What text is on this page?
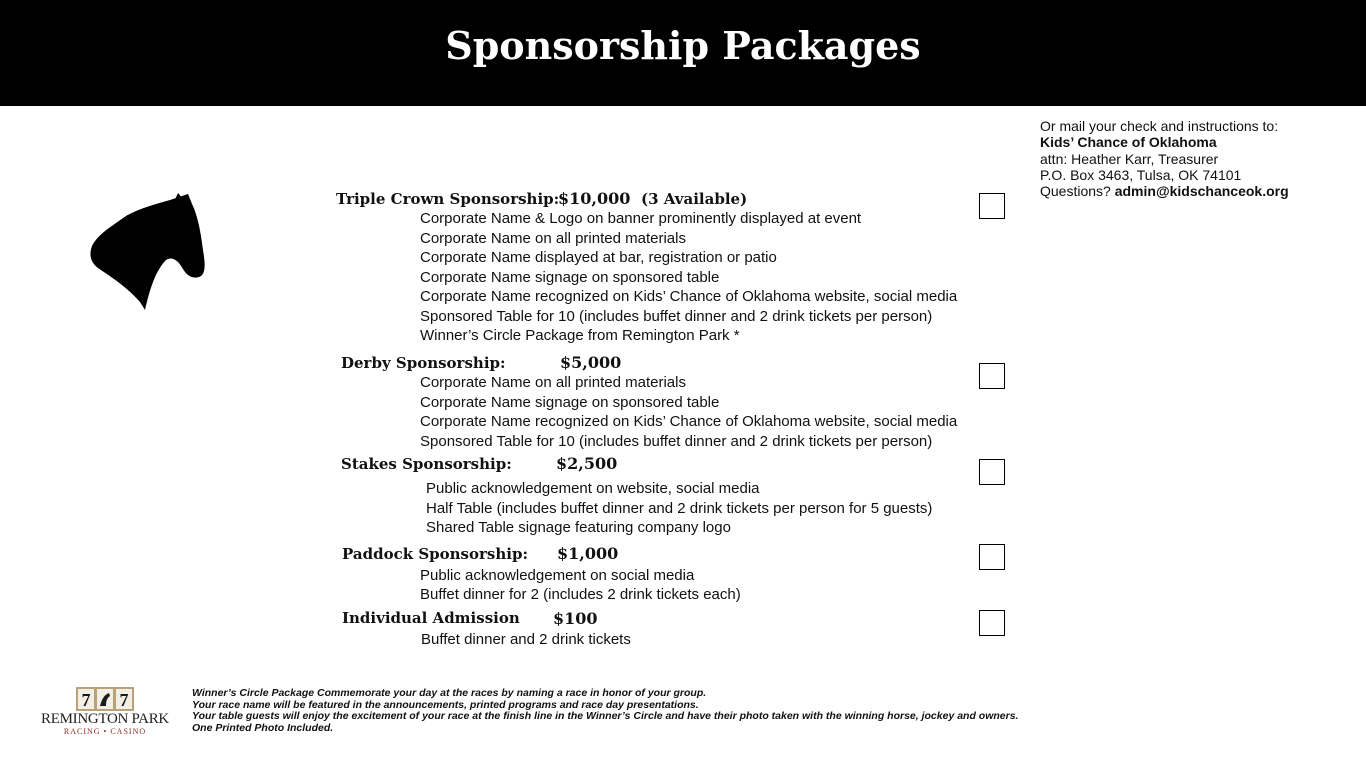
Sponsorship Packages
Or mail your check and instructions to:
Kids’ Chance of Oklahoma
attn: Heather Karr, Treasurer
P.O. Box 3463, Tulsa, OK 74101
Questions? admin@kidschanceok.org
Triple Crown Sponsorship:
$10,000 (3 Available)
Corporate Name & Logo on banner prominently displayed at event
Corporate Name on all printed materials
Corporate Name displayed at bar, registration or patio
Corporate Name signage on sponsored table
Corporate Name recognized on Kids’ Chance of Oklahoma website, social media
Sponsored Table for 10 (includes buffet dinner and 2 drink tickets per person)
Winner’s Circle Package from Remington Park *
Derby Sponsorship:	$5,000
Corporate Name on all printed materials
Corporate Name signage on sponsored table
Corporate Name recognized on Kids’ Chance of Oklahoma website, social media
Sponsored Table for 10 (includes buffet dinner and 2 drink tickets per person)
Stakes Sponsorship:	$2,500
Public acknowledgement on website, social media
Half Table (includes buffet dinner and 2 drink tickets per person for 5 guests)
Shared Table signage featuring company logo
Paddock Sponsorship: $1,000
Public acknowledgement on social media
Buffet dinner for 2 (includes 2 drink tickets each)
Individual Admission $100
Buffet dinner and 2 drink tickets
7 7
REMINGTON PARK
RACING • CASINO
Winner’s Circle Package Commemorate your day at the races by naming a race in honor of your group.
Your race name will be featured in the announcements, printed programs and race day presentations.
Your table guests will enjoy the excitement of your race at the finish line in the Winner’s Circle and have their photo taken with the winning horse, jockey and owners.
One Printed Photo Included.
